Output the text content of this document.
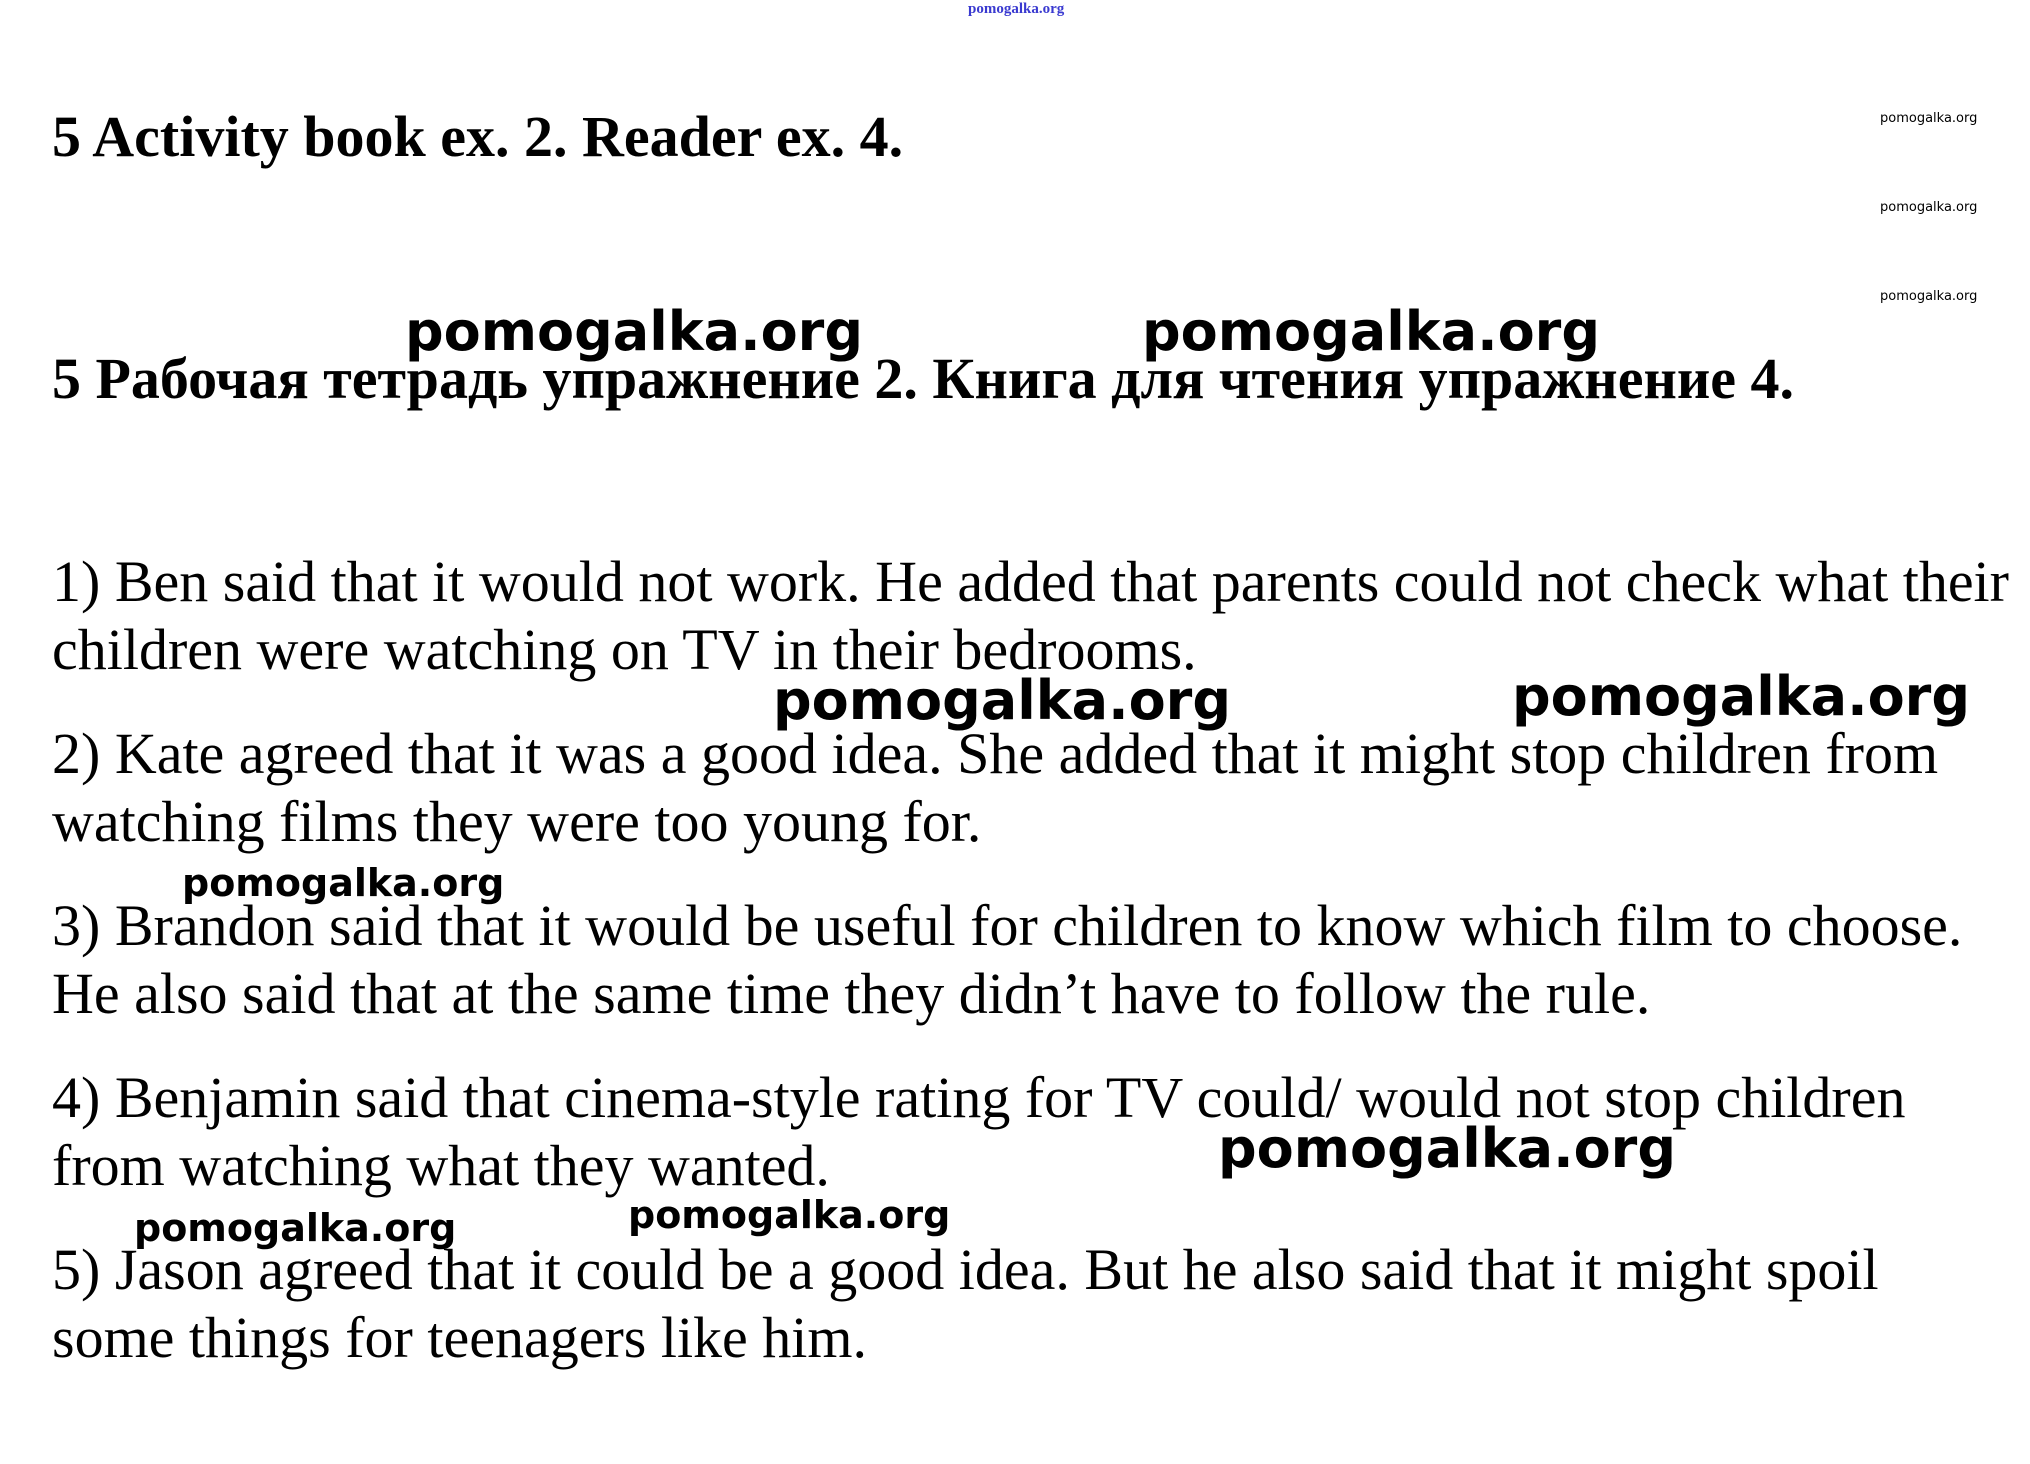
pomogalka.org
5 Activity book ex. 2. Reader ex. 4.	pomogalka.org
pomogalka.org
pomogalka.org
pomogalka.org	pomogalka.org
5 Рабочая тетрадь упражнение 2. Книга для чтения упражнение 4.

1) Ben said that it would not work. He added that parents could not check what their children were watching on TV in their bedrooms.

2) Kate agreed that it was a good idea. She added that it might stop children from watching films they were too young for.

3) Brandon said that it would be useful for children to know which film to choose. He also said that at the same time they didn’t have to follow the rule.

4) Benjamin said that cinema-style rating for TV could/ would not stop children from watching what they wanted.

5) Jason agreed that it could be a good idea. But he also said that it might spoil some things for teenagers like him.

pomogalka.org	pomogalka.org
pomogalka.org
pomogalka.org
pomogalka.org
pomogalka.org
